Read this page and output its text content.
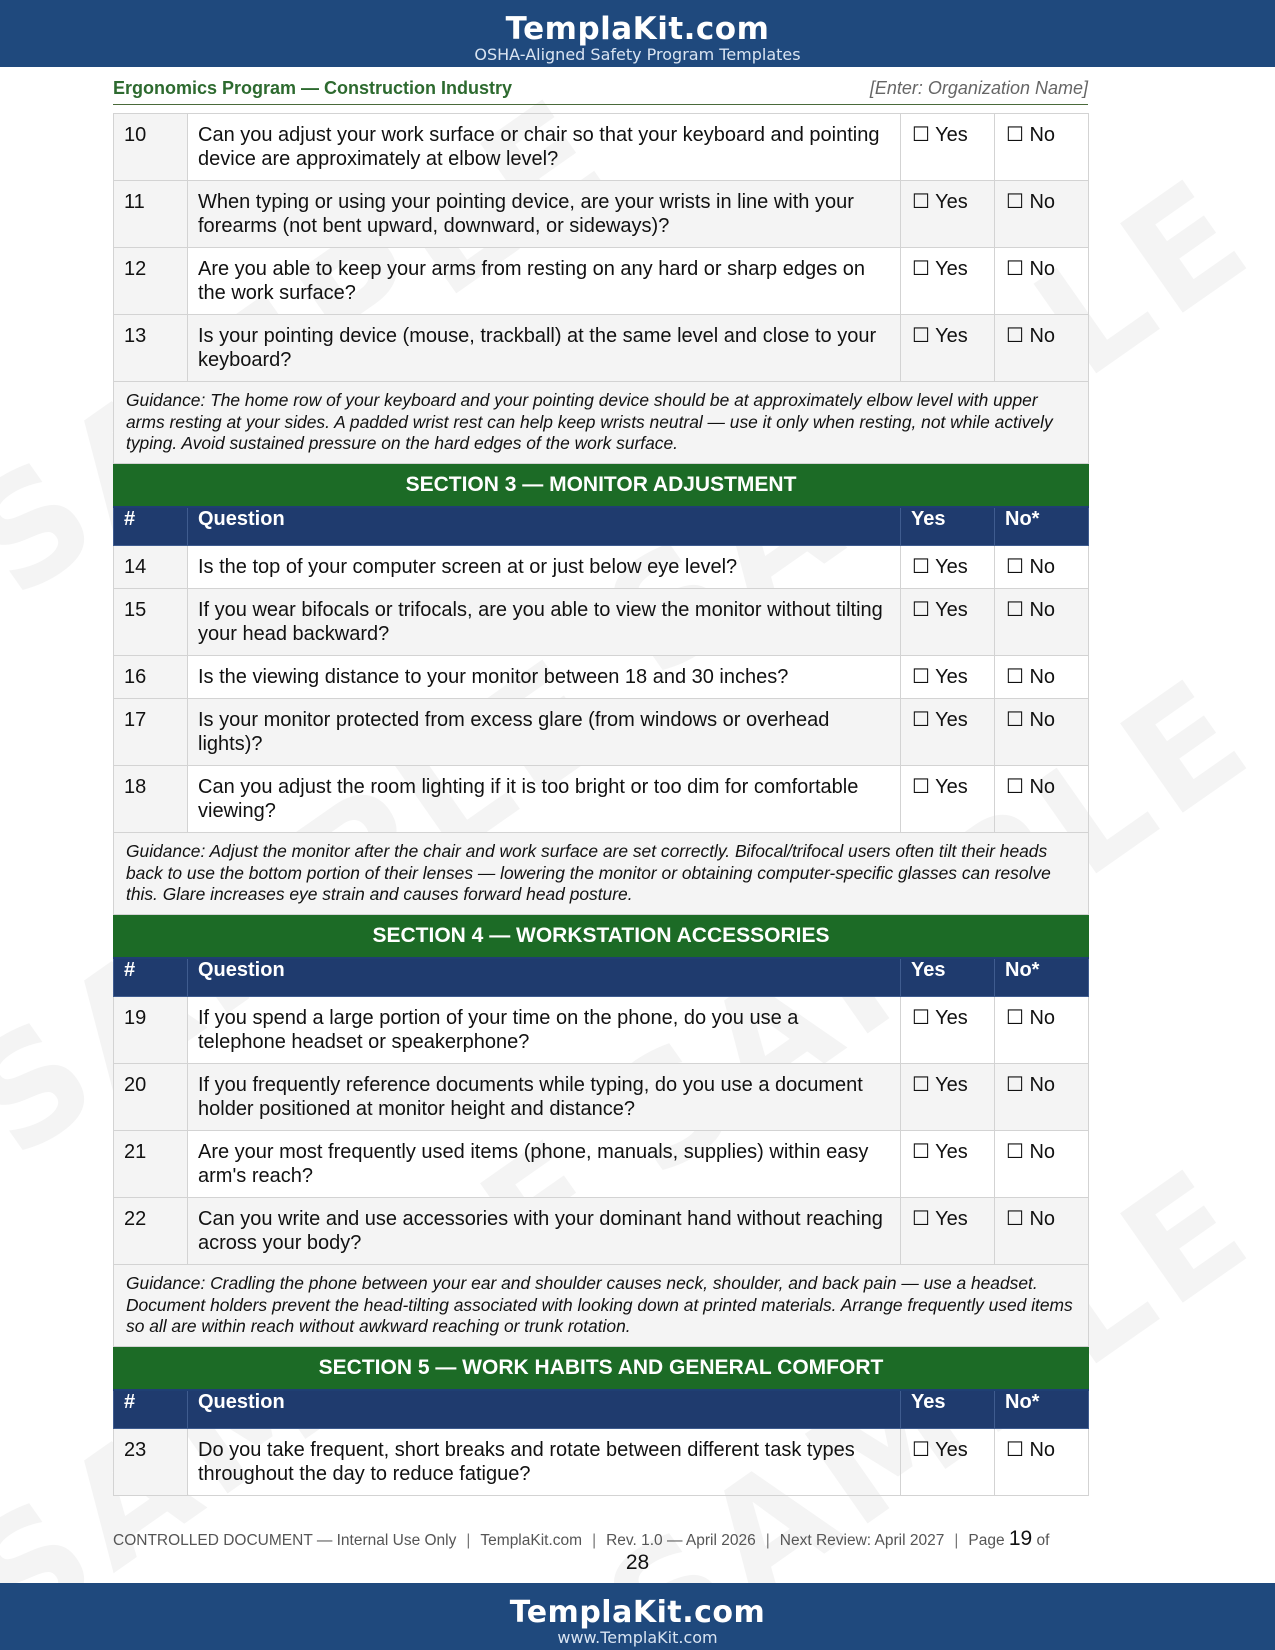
TemplaKit.com
OSHA-Aligned Safety Program Templates
Ergonomics Program — Construction Industry	[Enter: Organization Name]
10	Can you adjust your work surface or chair so that your keyboard and pointing device are approximately at elbow level?	☐ Yes	☐ No
11	When typing or using your pointing device, are your wrists in line with your forearms (not bent upward, downward, or sideways)?	☐ Yes	☐ No
12	Are you able to keep your arms from resting on any hard or sharp edges on the work surface?	☐ Yes	☐ No
13	Is your pointing device (mouse, trackball) at the same level and close to your keyboard?	☐ Yes	☐ No
Guidance: The home row of your keyboard and your pointing device should be at approximately elbow level with upper arms resting at your sides. A padded wrist rest can help keep wrists neutral — use it only when resting, not while actively typing. Avoid sustained pressure on the hard edges of the work surface.			
SECTION 3 — MONITOR ADJUSTMENT			
#	Question	Yes	No*
14	Is the top of your computer screen at or just below eye level?	☐ Yes	☐ No
15	If you wear bifocals or trifocals, are you able to view the monitor without tilting your head backward?	☐ Yes	☐ No
16	Is the viewing distance to your monitor between 18 and 30 inches?	☐ Yes	☐ No
17	Is your monitor protected from excess glare (from windows or overhead lights)?	☐ Yes	☐ No
18	Can you adjust the room lighting if it is too bright or too dim for comfortable viewing?	☐ Yes	☐ No
Guidance: Adjust the monitor after the chair and work surface are set correctly. Bifocal/trifocal users often tilt their heads back to use the bottom portion of their lenses — lowering the monitor or obtaining computer-specific glasses can resolve this. Glare increases eye strain and causes forward head posture.			
SECTION 4 — WORKSTATION ACCESSORIES			
#	Question	Yes	No*
19	If you spend a large portion of your time on the phone, do you use a telephone headset or speakerphone?	☐ Yes	☐ No
20	If you frequently reference documents while typing, do you use a document holder positioned at monitor height and distance?	☐ Yes	☐ No
21	Are your most frequently used items (phone, manuals, supplies) within easy arm's reach?	☐ Yes	☐ No
22	Can you write and use accessories with your dominant hand without reaching across your body?	☐ Yes	☐ No
Guidance: Cradling the phone between your ear and shoulder causes neck, shoulder, and back pain — use a headset. Document holders prevent the head-tilting associated with looking down at printed materials. Arrange frequently used items so all are within reach without awkward reaching or trunk rotation.			
SECTION 5 — WORK HABITS AND GENERAL COMFORT			
#	Question	Yes	No*
23	Do you take frequent, short breaks and rotate between different task types throughout the day to reduce fatigue?	☐ Yes	☐ No
CONTROLLED DOCUMENT — Internal Use Only | TemplaKit.com | Rev. 1.0 — April 2026 | Next Review: April 2027 | Page 19 of
28
TemplaKit.com
www.TemplaKit.com
